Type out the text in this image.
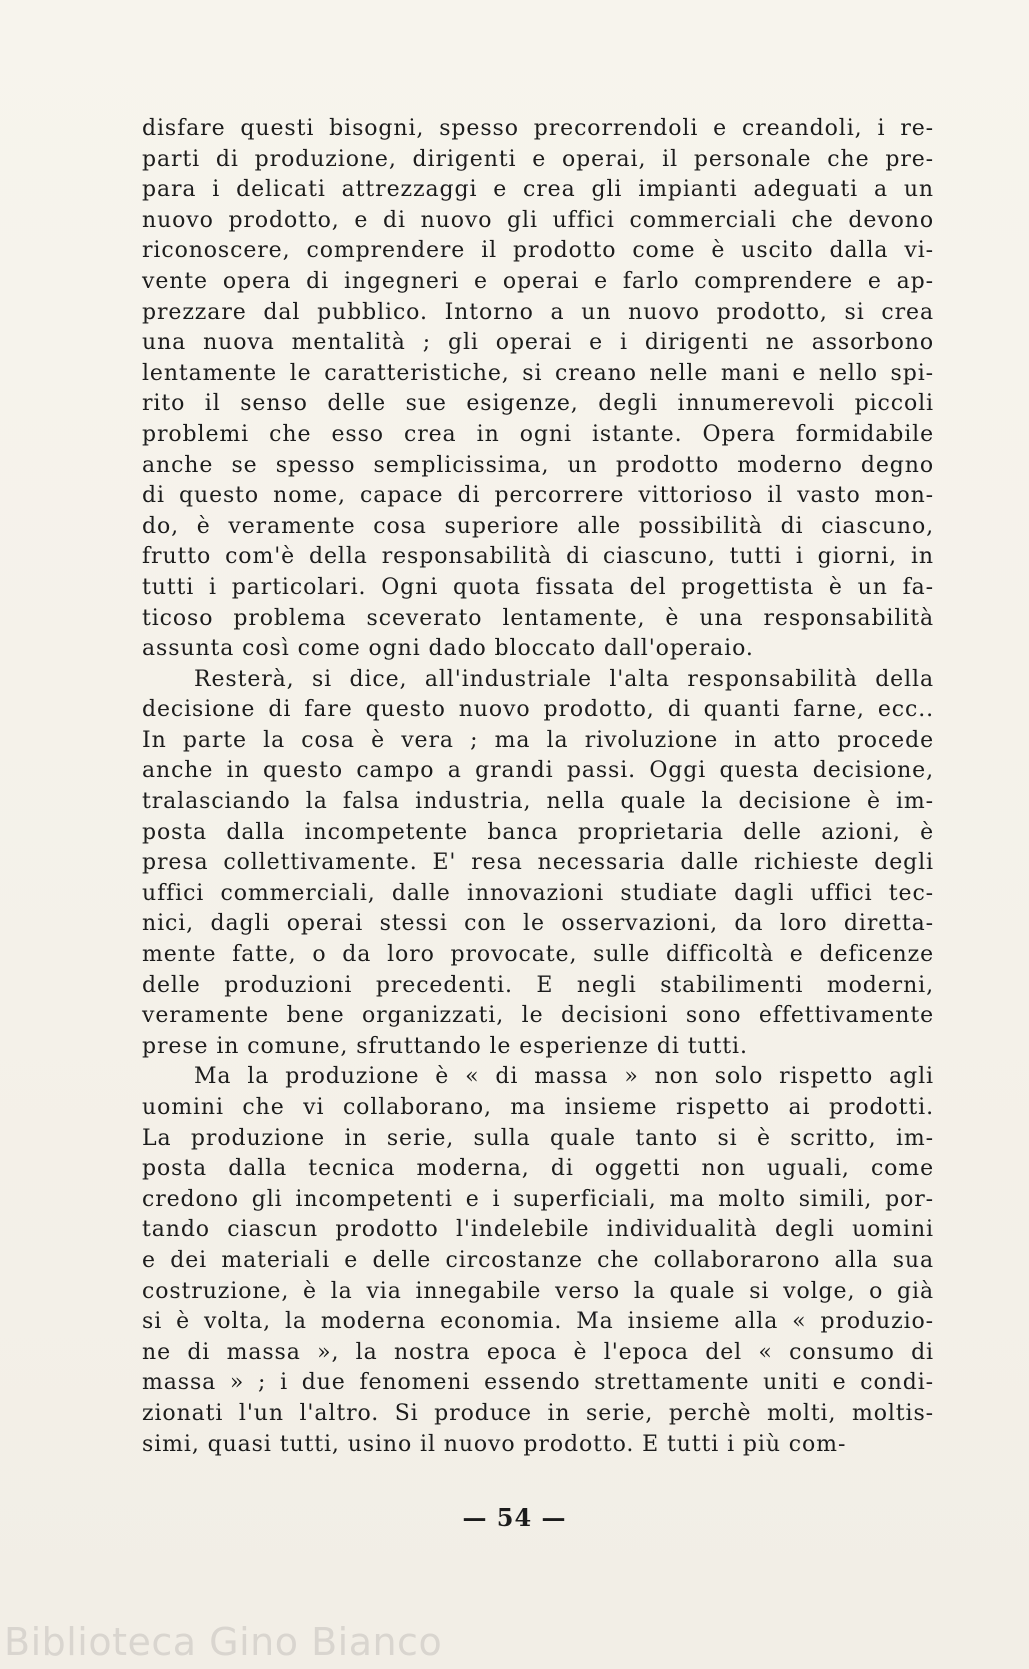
disfare questi bisogni, spesso precorrendoli e creandoli, i re-
parti di produzione, dirigenti e operai, il personale che pre-
para i delicati attrezzaggi e crea gli impianti adeguati a un
nuovo prodotto, e di nuovo gli uffici commerciali che devono
riconoscere, comprendere il prodotto come è uscito dalla vi-
vente opera di ingegneri e operai e farlo comprendere e ap-
prezzare dal pubblico. Intorno a un nuovo prodotto, si crea
una nuova mentalità ; gli operai e i dirigenti ne assorbono
lentamente le caratteristiche, si creano nelle mani e nello spi-
rito il senso delle sue esigenze, degli innumerevoli piccoli
problemi che esso crea in ogni istante. Opera formidabile
anche se spesso semplicissima, un prodotto moderno degno
di questo nome, capace di percorrere vittorioso il vasto mon-
do, è veramente cosa superiore alle possibilità di ciascuno,
frutto com'è della responsabilità di ciascuno, tutti i giorni, in
tutti i particolari. Ogni quota fissata del progettista è un fa-
ticoso problema sceverato lentamente, è una responsabilità
assunta così come ogni dado bloccato dall'operaio.
Resterà, si dice, all'industriale l'alta responsabilità della
decisione di fare questo nuovo prodotto, di quanti farne, ecc..
In parte la cosa è vera ; ma la rivoluzione in atto procede
anche in questo campo a grandi passi. Oggi questa decisione,
tralasciando la falsa industria, nella quale la decisione è im-
posta dalla incompetente banca proprietaria delle azioni, è
presa collettivamente. E' resa necessaria dalle richieste degli
uffici commerciali, dalle innovazioni studiate dagli uffici tec-
nici, dagli operai stessi con le osservazioni, da loro diretta-
mente fatte, o da loro provocate, sulle difficoltà e deficenze
delle produzioni precedenti. E negli stabilimenti moderni,
veramente bene organizzati, le decisioni sono effettivamente
prese in comune, sfruttando le esperienze di tutti.
Ma la produzione è « di massa » non solo rispetto agli
uomini che vi collaborano, ma insieme rispetto ai prodotti.
La produzione in serie, sulla quale tanto si è scritto, im-
posta dalla tecnica moderna, di oggetti non uguali, come
credono gli incompetenti e i superficiali, ma molto simili, por-
tando ciascun prodotto l'indelebile individualità degli uomini
e dei materiali e delle circostanze che collaborarono alla sua
costruzione, è la via innegabile verso la quale si volge, o già
si è volta, la moderna economia. Ma insieme alla « produzio-
ne di massa », la nostra epoca è l'epoca del « consumo di
massa » ; i due fenomeni essendo strettamente uniti e condi-
zionati l'un l'altro. Si produce in serie, perchè molti, moltis-
simi, quasi tutti, usino il nuovo prodotto. E tutti i più com-
— 54 —
Biblioteca Gino Bianco
